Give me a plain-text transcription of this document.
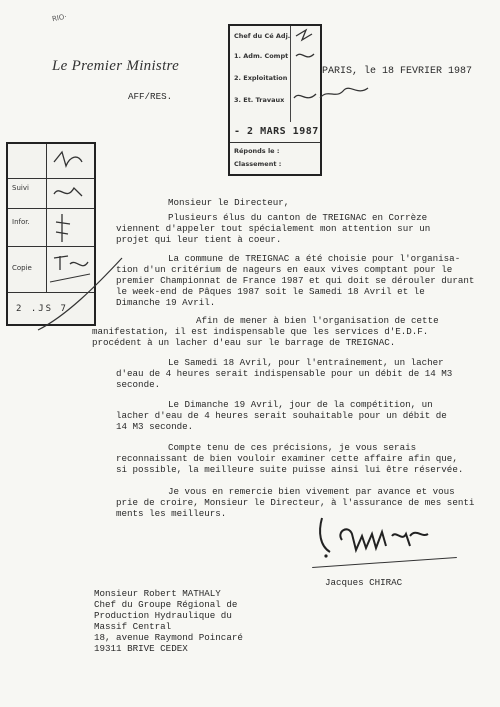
RIO·
Le Premier Ministre
AFF/RES.
PARIS, le 18 FEVRIER 1987
Chef du Cé Adj.
1. Adm. Compt
2. Exploitation
3. Et. Travaux
- 2 MARS 1987
Réponds le :
Classement :
Suivi
Infor.
Copie
2 .JS 7
Monsieur le Directeur,

Plusieurs élus du canton de TREIGNAC en Corrèze

viennent d'appeler tout spécialement mon attention sur un

projet qui leur tient à coeur.

La commune de TREIGNAC a été choisie pour l'organisa-

tion d'un critérium de nageurs en eaux vives comptant pour le

premier Championnat de France 1987 et qui doit se dérouler durant

le week-end de Pâques 1987 soit le Samedi 18 Avril et le

Dimanche 19 Avril.

Afin de mener à bien l'organisation de cette

manifestation, il est indispensable que les services d'E.D.F.

procédent à un lacher d'eau sur le barrage de TREIGNAC.

Le Samedi 18 Avril, pour l'entraînement, un lacher

d'eau de 4 heures serait indispensable pour un débit de 14 M3

seconde.

Le Dimanche 19 Avril, jour de la compétition, un

lacher d'eau de 4 heures serait souhaitable pour un débit de

14 M3 seconde.

Compte tenu de ces précisions, je vous serais

reconnaissant de bien vouloir examiner cette affaire afin que,

si possible, la meilleure suite puisse ainsi lui être réservée.

Je vous en remercie bien vivement par avance et vous

prie de croire, Monsieur le Directeur, à l'assurance de mes senti

ments les meilleurs.

Jacques CHIRAC

Monsieur Robert MATHALY

Chef du Groupe Régional de

Production Hydraulique du

Massif Central

18, avenue Raymond Poincaré

19311 BRIVE CEDEX
